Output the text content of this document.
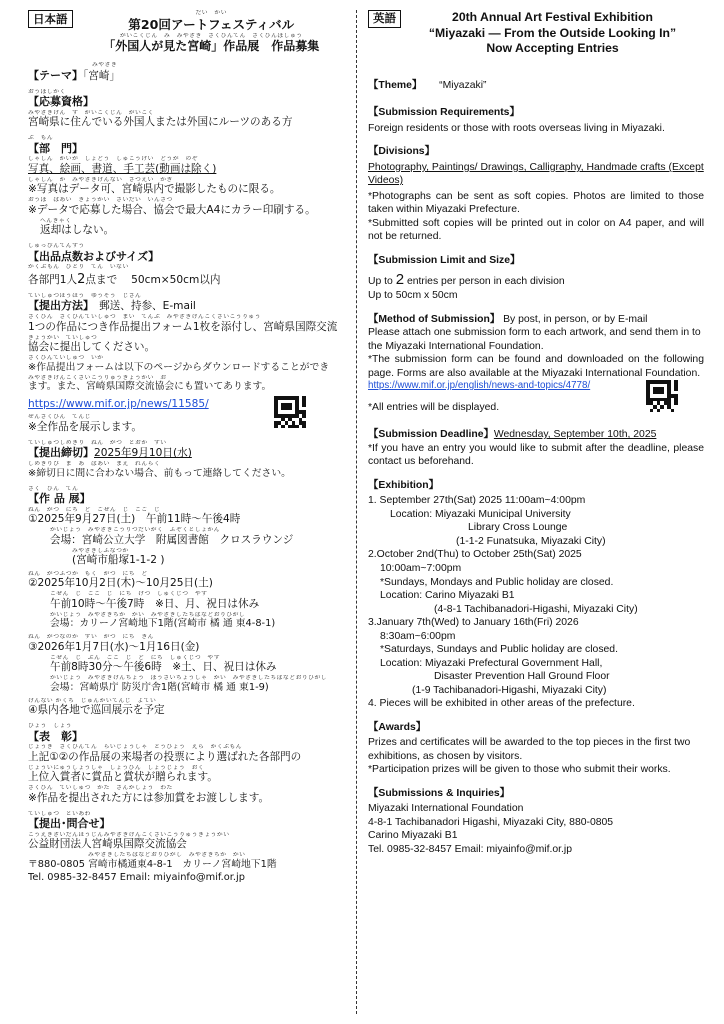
日本語	だい　かい
第20回アートフェスティバル
がいこくじん　み　みやざき　さくひんてん　さくひんぼしゅう
「外国人が見た宮崎」作品展　作品募集
みやざき
【テーマ】「宮崎」
おうぼしかく
【応募資格】
みやざきけん　す　がいこくじん　がいこく
宮崎県に住んでいる外国人または外国にルーツのある方
ぶ　もん
【部　門】
しゃしん　かいが　しょどう　しゅこうげい　どうが　のぞ
写真、絵画、書道、手工芸(動画は除く)
しゃしん　か　みやざきけんない　さつえい　かぎ
※写真はデータ可、宮崎県内で撮影したものに限る。
おうぼ　ばあい　きょうかい　さいだい　いんさつ
※データで応募した場合、協会で最大A4にカラー印刷する。
へんきゃく
返却はしない。
しゅっぴんてんすう
【出品点数およびサイズ】
かくぶもん　ひとり　てん　いない
各部門1人2点まで　 50cm×50cm以内
ていしゅつほうほう　ゆうそう　じさん
【提出方法】　郵送、持参、E-mail
さくひん　さくひんていしゅつ　まい　てんぷ　みやざきけんこくさいこうりゅう
1つの作品につき作品提出フォーム1枚を添付し、宮崎県国際交流
きょうかい　ていしゅつ
協会に提出してください。
さくひんていしゅつ　いか
※作品提出フォームは以下のページからダウンロードすることができ
みやざきけんこくさいこうりゅうきょうかい　お
ます。また、宮崎県国際交流協会にも置いてあります。
https://www.mif.or.jp/news/11585/
ぜんさくひん　てんじ
※全作品を展示します。
ていしゅつしめきり　ねん　がつ　とおか　すい
【提出締切】2025年9月10日(水)
しめきりび　ま　あ　ばあい　まえ　れんらく
※締切日に間に合わない場合、前もって連絡してください。
さく　ひん　てん
【作 品 展】
ねん　がつ　にち　ど　ごぜん　じ　ごご　じ
①2025年9月27日(土)　午前11時～午後4時
かいじょう　みやざきこうりつだいがく　ふぞくとしょかん
会場：宮崎公立大学　附属図書館　クロスラウンジ
みやざきしふなつか
(宮崎市船塚1-1-2 )
ねん　がつふつか　もく　がつ　にち　ど
②2025年10月2日(木)～10月25日(土)
ごぜん　じ　ごご　じ　にち　げつ　しゅくじつ　やす
午前10時～午後7時　※日、月、祝日は休み
かいじょう　みやざきちか　かい　みやざきしたちばなどおりひがし
会場：カリーノ宮崎地下1階(宮崎市 橘 通 東4-8-1)
ねん　がつなのか　すい　がつ　にち　きん
③2026年1月7日(水)～1月16日(金)
ごぜん　じ　ぷん　ごご　じ　ど　にち　しゅくじつ　やす
午前8時30分～午後6時　※土、日、祝日は休み
かいじょう　みやざきけんちょう　ぼうさいちょうしゃ　かい　みやざきしたちばなどおりひがし
会場：宮崎県庁 防災庁舎1階(宮崎市 橘 通 東1-9)
けんない かくち　じゅんかいてんじ　よてい
④県内各地で巡回展示を予定
ひょう　しょう
【表　彰】
じょうき　さくひんてん　らいじょうしゃ　とうひょう　えら　かくぶもん
上記①②の作品展の来場者の投票により選ばれた各部門の
じょういにゅうしょうしゃ　しょうひん　しょうじょう　おく
上位入賞者に賞品と賞状が贈られます。
さくひん　ていしゅつ　かた　さんかしょう　わた
※作品を提出された方には参加賞をお渡しします。
ていしゅつ　といあわ
【提出･問合せ】
こうえきざいだんほうじんみやざきけんこくさいこうりゅうきょうかい
公益財団法人宮崎県国際交流協会
みやざきしたちばなどおりひがし　みやざきちか　かい
〒880-0805 宮崎市橘通東4-8-1　カリーノ宮崎地下1階
Tel. 0985-32-8457 Email: miyainfo@mif.or.jp
英語	20th Annual Art Festival Exhibition
“Miyazaki — From the Outside Looking In”
Now Accepting Entries
【Theme】 “Miyazaki”
【Submission Requirements】
Foreign residents or those with roots overseas living in Miyazaki.
【Divisions】
Photography, Paintings/ Drawings, Calligraphy, Handmade crafts (Except Videos)
*Photographs can be sent as soft copies. Photos are limited to those taken within Miyazaki Prefecture.
*Submitted soft copies will be printed out in color on A4 paper, and will not be returned.
【Submission Limit and Size】
Up to 2 entries per person in each division
Up to 50cm x 50cm
【Method of Submission】 By post, in person, or by E-mail
Please attach one submission form to each artwork, and send them in to the Miyazaki International Foundation.
*The submission form can be found and downloaded on the following page. Forms are also available at the Miyazaki International Foundation.
https://www.mif.or.jp/english/news-and-topics/4778/
*All entries will be displayed.
【Submission Deadline】Wednesday, September 10th, 2025
*If you have an entry you would like to submit after the deadline, please contact us beforehand.
【Exhibition】
1. September 27th(Sat) 2025 11:00am~4:00pm
Location: Miyazaki Municipal University
Library Cross Lounge
(1-1-2 Funatsuka, Miyazaki City)
2.October 2nd(Thu) to October 25th(Sat) 2025
10:00am~7:00pm
*Sundays, Mondays and Public holiday are closed.
Location: Carino Miyazaki B1
(4-8-1 Tachibanadori-Higashi, Miyazaki City)
3.January 7th(Wed) to January 16th(Fri) 2026
8:30am~6:00pm
*Saturdays, Sundays and Public holiday are closed.
Location: Miyazaki Prefectural Government Hall,
Disaster Prevention Hall Ground Floor
(1-9 Tachibanadori-Higashi, Miyazaki City)
4. Pieces will be exhibited in other areas of the prefecture.
【Awards】
Prizes and certificates will be awarded to the top pieces in the first two exhibitions, as chosen by visitors.
*Participation prizes will be given to those who submit their works.
【Submissions & Inquiries】
Miyazaki International Foundation
4-8-1 Tachibanadori Higashi, Miyazaki City, 880-0805
Carino Miyazaki B1
Tel. 0985-32-8457 Email: miyainfo@mif.or.jp
